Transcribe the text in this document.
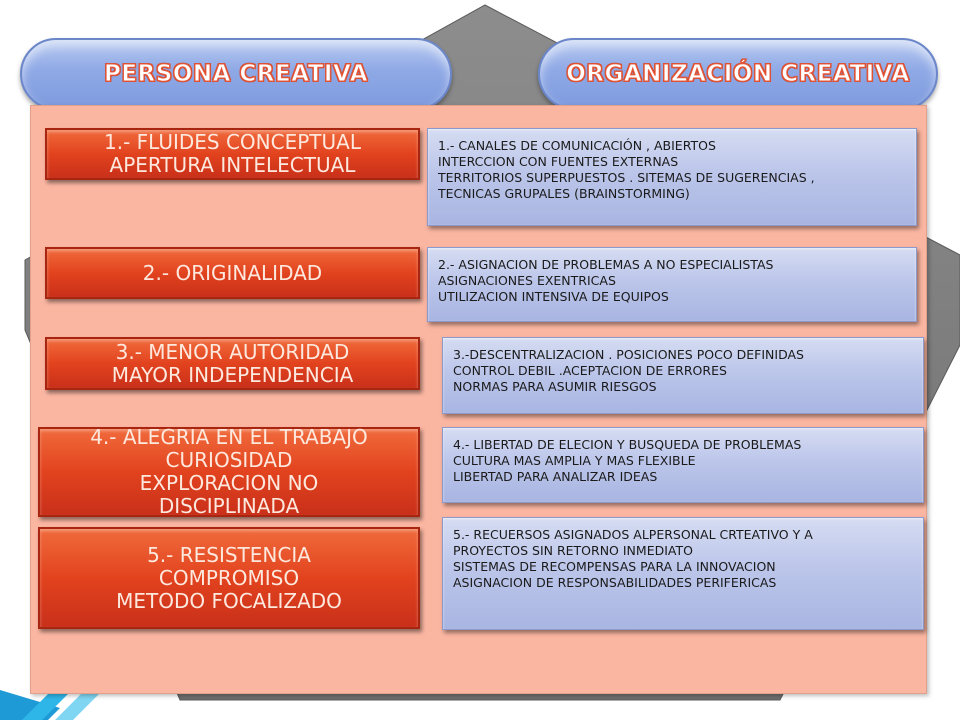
PERSONA CREATIVA	ORGANIZACIÓN CREATIVA
1.- FLUIDES CONCEPTUAL
APERTURA INTELECTUAL
2.- ORIGINALIDAD
3.- MENOR AUTORIDAD
MAYOR INDEPENDENCIA
4.- ALEGRIA EN EL TRABAJO
CURIOSIDAD
EXPLORACION NO
DISCIPLINADA
5.- RESISTENCIA
COMPROMISO
METODO FOCALIZADO
1.- CANALES DE COMUNICACIÓN , ABIERTOS
INTERCCION CON FUENTES EXTERNAS
TERRITORIOS SUPERPUESTOS . SITEMAS DE SUGERENCIAS ,
TECNICAS GRUPALES (BRAINSTORMING)
2.- ASIGNACION DE PROBLEMAS A NO ESPECIALISTAS
ASIGNACIONES EXENTRICAS
UTILIZACION INTENSIVA DE EQUIPOS
3.-DESCENTRALIZACION . POSICIONES POCO DEFINIDAS
CONTROL DEBIL .ACEPTACION DE ERRORES
NORMAS PARA ASUMIR RIESGOS
4.- LIBERTAD DE ELECION Y BUSQUEDA DE PROBLEMAS
CULTURA MAS AMPLIA Y MAS FLEXIBLE
LIBERTAD PARA ANALIZAR IDEAS
5.- RECUERSOS ASIGNADOS ALPERSONAL CRTEATIVO Y A
PROYECTOS SIN RETORNO INMEDIATO
SISTEMAS DE RECOMPENSAS PARA LA INNOVACION
ASIGNACION DE RESPONSABILIDADES PERIFERICAS
